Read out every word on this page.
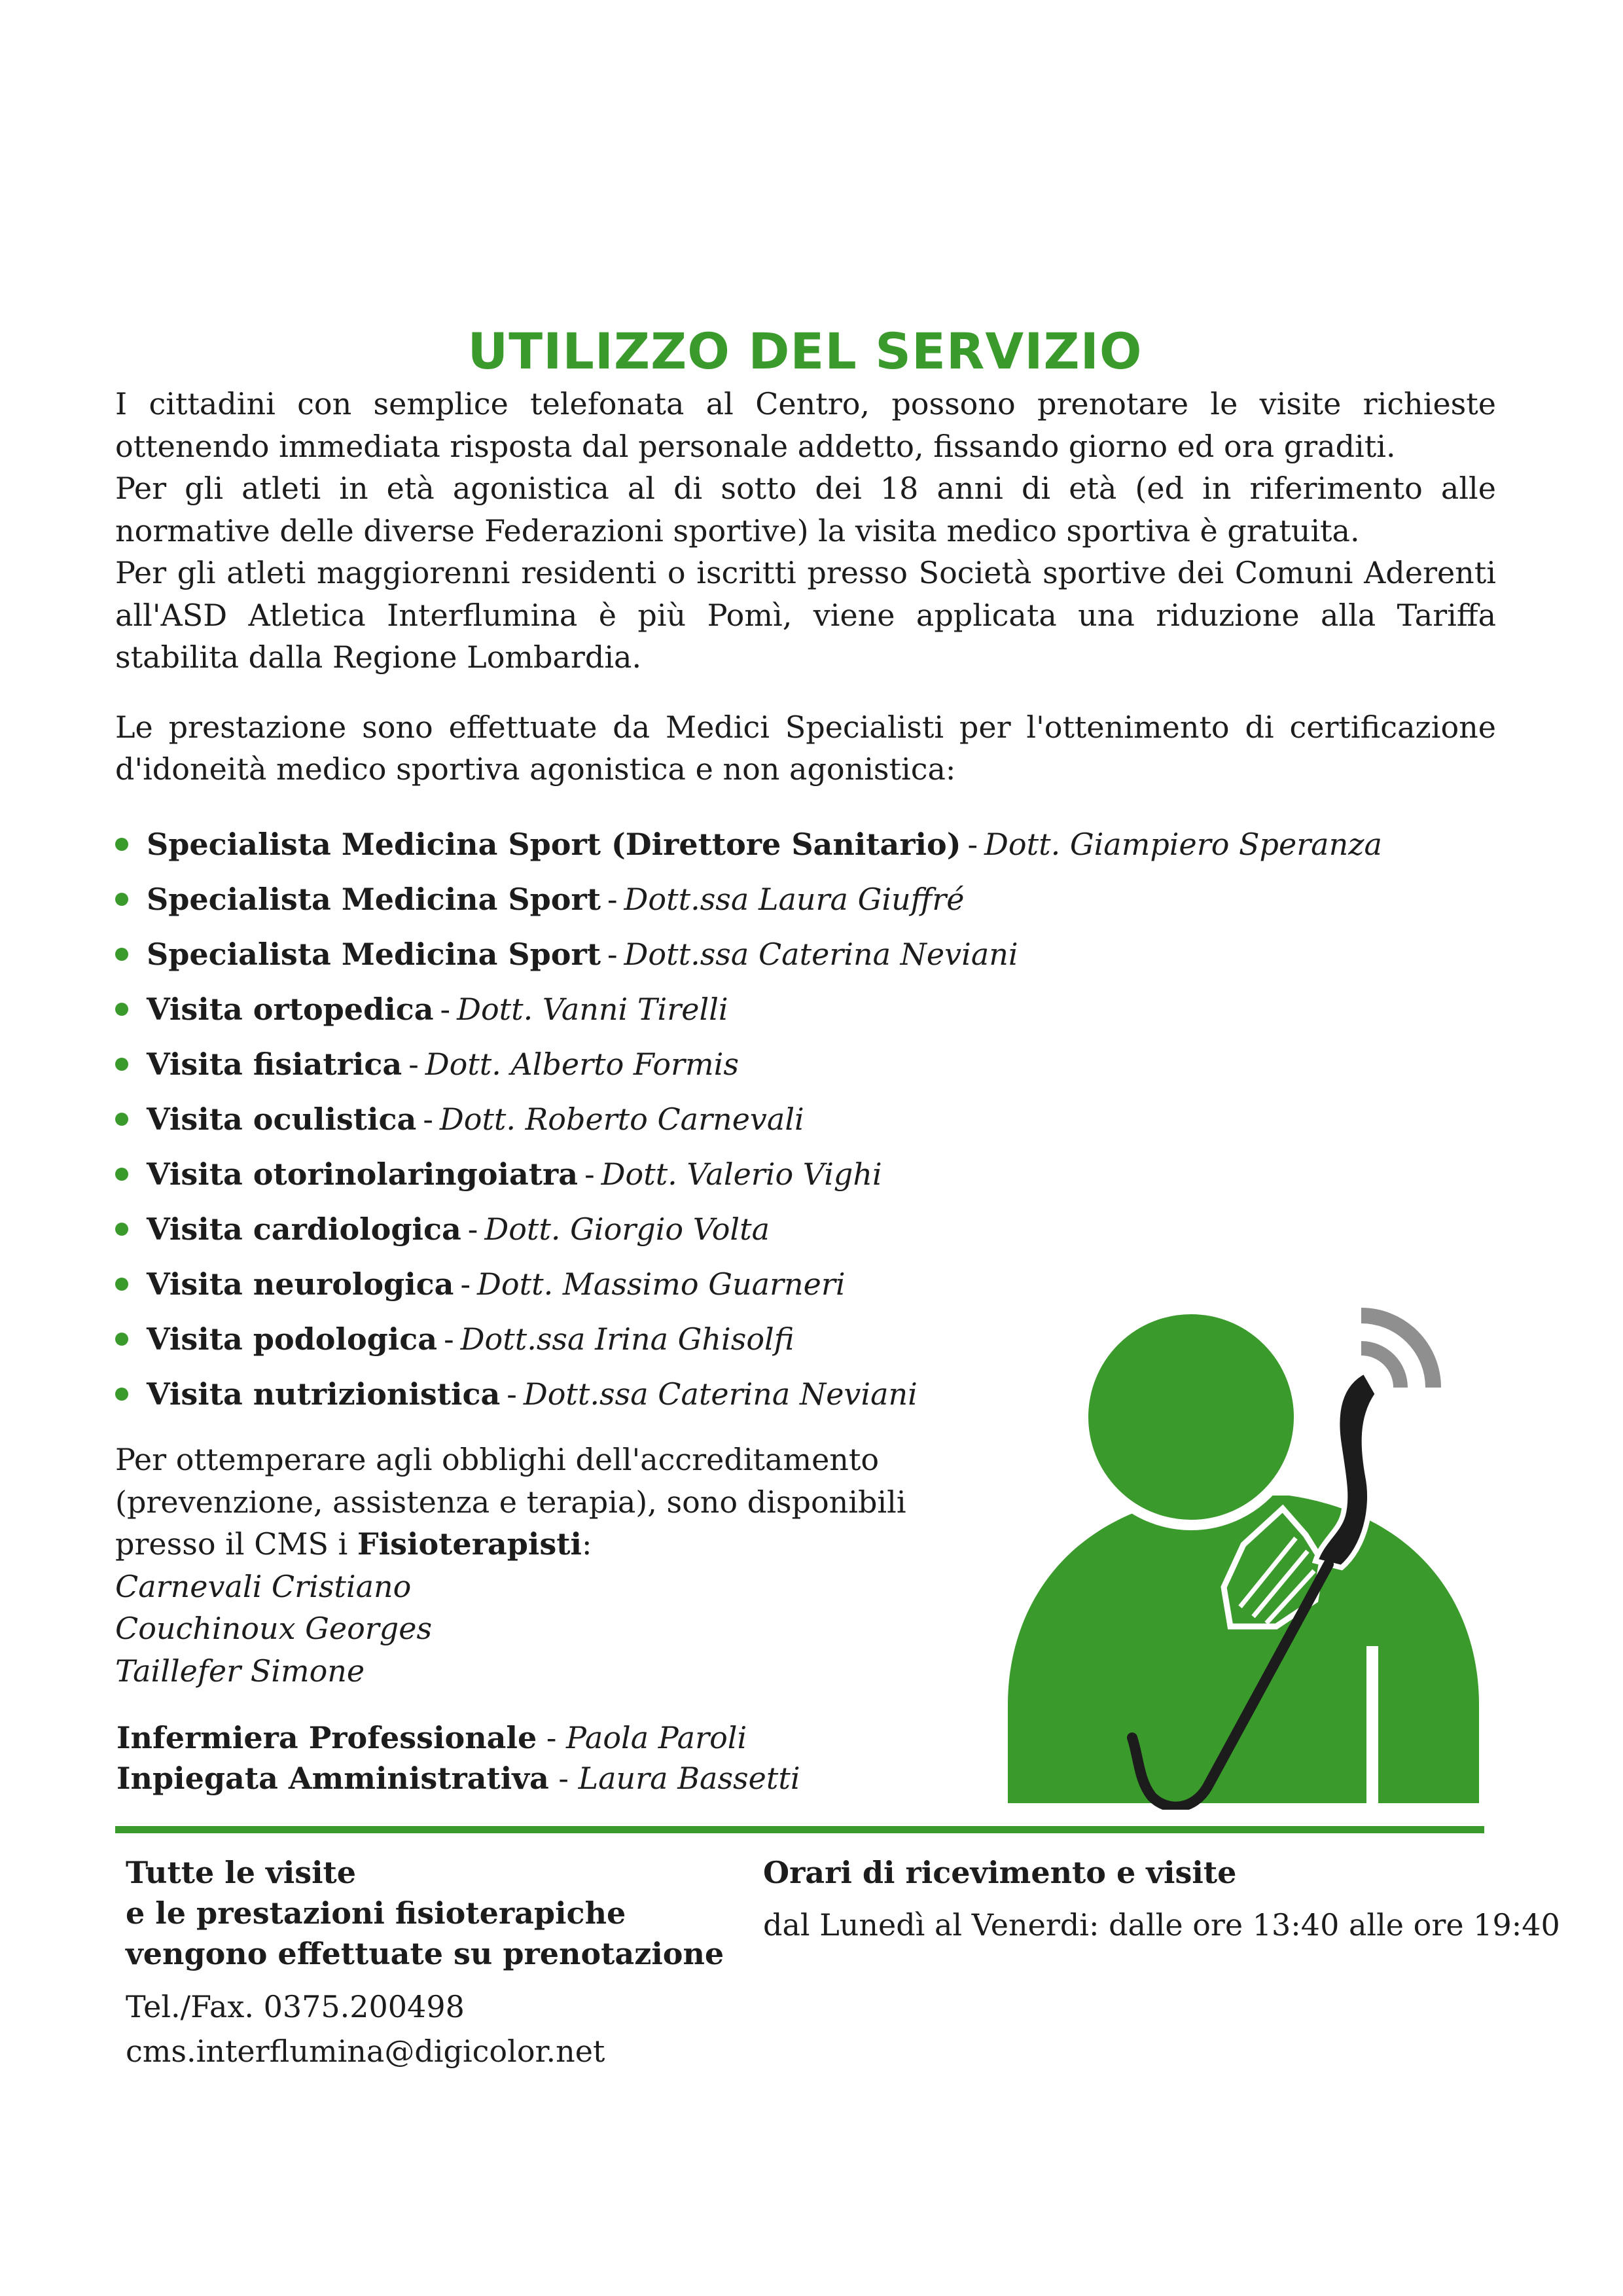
UTILIZZO DEL SERVIZIO

I cittadini con semplice telefonata al Centro, possono prenotare le visite richieste ottenendo immediata risposta dal personale addetto, fissando giorno ed ora graditi.

Per gli atleti in età agonistica al di sotto dei 18 anni di età (ed in riferimento alle normative delle diverse Federazioni sportive) la visita medico sportiva è gratuita.

Per gli atleti maggiorenni residenti o iscritti presso Società sportive dei Comuni Aderenti all'ASD Atletica Interflumina è più Pomì, viene applicata una riduzione alla Tariffa stabilita dalla Regione Lombardia.

Le prestazione sono effettuate da Medici Specialisti per l'ottenimento di certificazione d'idoneità medico sportiva agonistica e non agonistica:

Specialista Medicina Sport (Direttore Sanitario) - Dott. Giampiero Speranza
Specialista Medicina Sport - Dott.ssa Laura Giuffré
Specialista Medicina Sport - Dott.ssa Caterina Neviani
Visita ortopedica - Dott. Vanni Tirelli
Visita fisiatrica - Dott. Alberto Formis
Visita oculistica - Dott. Roberto Carnevali
Visita otorinolaringoiatra - Dott. Valerio Vighi
Visita cardiologica - Dott. Giorgio Volta
Visita neurologica - Dott. Massimo Guarneri
Visita podologica - Dott.ssa Irina Ghisolfi
Visita nutrizionistica - Dott.ssa Caterina Neviani
Per ottemperare agli obblighi dell'accreditamento
(prevenzione, assistenza e terapia), sono disponibili
presso il CMS i Fisioterapisti:
Carnevali Cristiano
Couchinoux Georges
Taillefer Simone
Infermiera Professionale - Paola Paroli
Inpiegata Amministrativa - Laura Bassetti
Tutte le visite
e le prestazioni fisioterapiche
vengono effettuate su prenotazione
Tel./Fax. 0375.200498
cms.interflumina@digicolor.net
Orari di ricevimento e visite
dal Lunedì al Venerdi: dalle ore 13:40 alle ore 19:40
